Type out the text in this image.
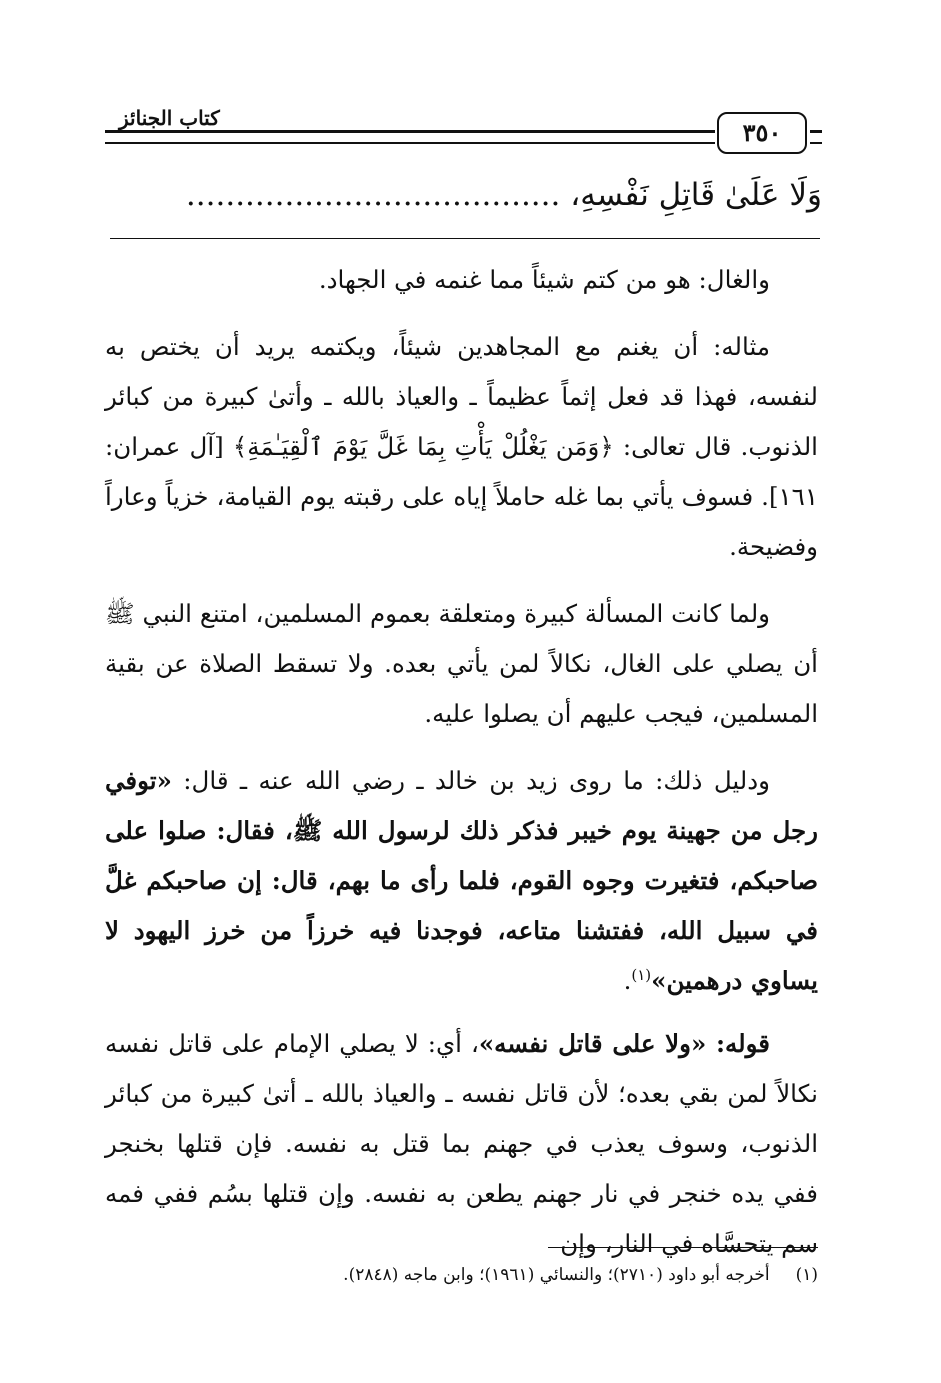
كتاب الجنائز	٣٥٠
وَلَا عَلَىٰ قَاتِلِ نَفْسِهِ، ......................................

والغال: هو من كتم شيئاً مما غنمه في الجهاد.

مثاله: أن يغنم مع المجاهدين شيئاً، ويكتمه يريد أن يختص به لنفسه، فهذا قد فعل إثماً عظيماً ـ والعياذ بالله ـ وأتىٰ كبيرة من كبائر الذنوب. قال تعالى: ﴿وَمَن يَغْلُلْ يَأْتِ بِمَا غَلَّ يَوْمَ ٱلْقِيَـٰمَةِ﴾ [آل عمران: ١٦١]. فسوف يأتي بما غله حاملاً إياه على رقبته يوم القيامة، خزياً وعاراً وفضيحة.

ولما كانت المسألة كبيرة ومتعلقة بعموم المسلمين، امتنع النبي ﷺ أن يصلي على الغال، نكالاً لمن يأتي بعده. ولا تسقط الصلاة عن بقية المسلمين، فيجب عليهم أن يصلوا عليه.

ودليل ذلك: ما روى زيد بن خالد ـ رضي الله عنه ـ قال: «توفي رجل من جهينة يوم خيبر فذكر ذلك لرسول الله ﷺ، فقال: صلوا على صاحبكم، فتغيرت وجوه القوم، فلما رأى ما بهم، قال: إن صاحبكم غلَّ في سبيل الله، ففتشنا متاعه، فوجدنا فيه خرزاً من خرز اليهود لا يساوي درهمين»$^{(١)}$.

قوله: «ولا على قاتل نفسه»، أي: لا يصلي الإمام على قاتل نفسه نكالاً لمن بقي بعده؛ لأن قاتل نفسه ـ والعياذ بالله ـ أتىٰ كبيرة من كبائر الذنوب، وسوف يعذب في جهنم بما قتل به نفسه. فإن قتلها بخنجر ففي يده خنجر في نار جهنم يطعن به نفسه. وإن قتلها بسُم ففي فمه سم يتحسَّاه في النار، وإن

(١)أخرجه أبو داود (٢٧١٠)؛ والنسائي (١٩٦١)؛ وابن ماجه (٢٨٤٨).
